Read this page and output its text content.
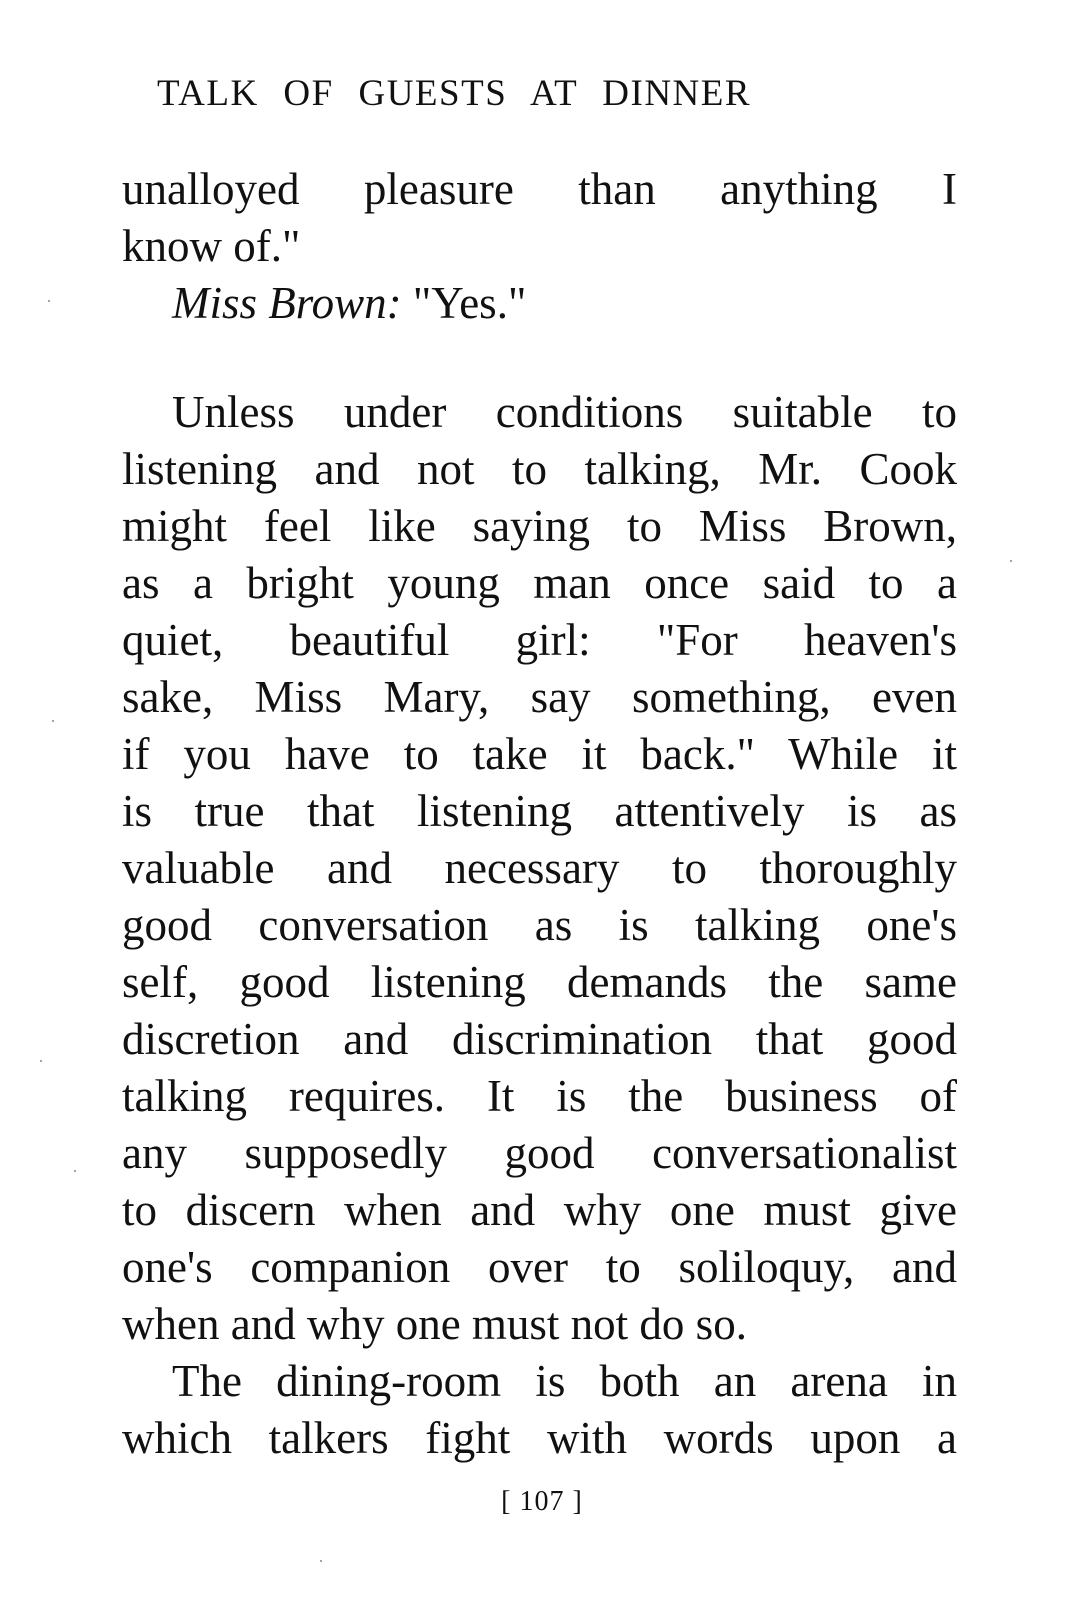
TALK OF GUESTS AT DINNER
unalloyed pleasure than anything I
know of."
Miss Brown: "Yes."
Unless under conditions suitable to
listening and not to talking, Mr. Cook
might feel like saying to Miss Brown,
as a bright young man once said to a
quiet, beautiful girl: "For heaven's
sake, Miss Mary, say something, even
if you have to take it back." While it
is true that listening attentively is as
valuable and necessary to thoroughly
good conversation as is talking one's
self, good listening demands the same
discretion and discrimination that good
talking requires. It is the business of
any supposedly good conversationalist
to discern when and why one must give
one's companion over to soliloquy, and
when and why one must not do so.
The dining-room is both an arena in
which talkers fight with words upon a
[ 107 ]
